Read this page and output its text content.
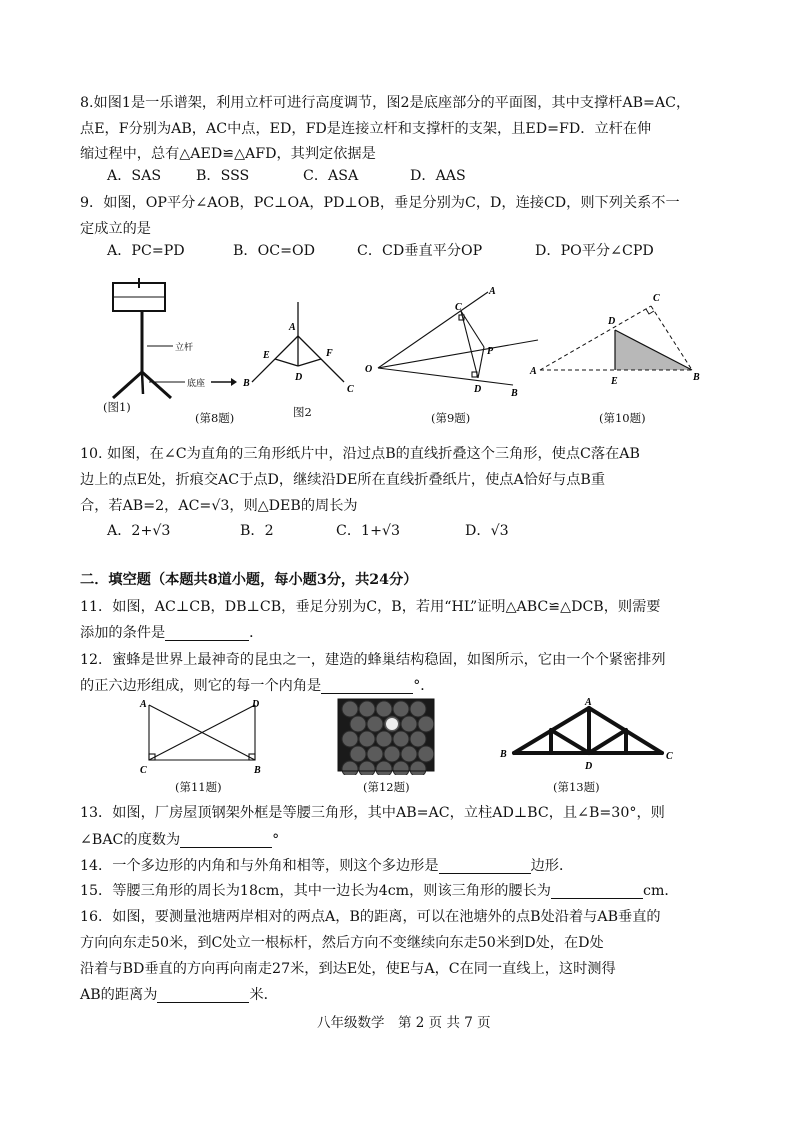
8.如图1是一乐谱架，利用立杆可进行高度调节，图2是底座部分的平面图，其中支撑杆AB=AC，
点E，F分别为AB，AC中点，ED，FD是连接立杆和支撑杆的支架，且ED=FD．立杆在伸
缩过程中，总有△AED≌△AFD，其判定依据是
A．SAS B．SSS	C．ASA	D．AAS
9．如图，OP平分∠AOB，PC⊥OA，PD⊥OB，垂足分别为C，D，连接CD，则下列关系不一
定成立的是
A．PC=PD	B．OC=OD	C．CD垂直平分OP	D．PO平分∠CPD
立杆
底座
A
E	F
B
D
C
O
A
C
P
D	B
A
D
C
E	B
(图1)
(第8题)	图2	(第9题)	(第10题)
10. 如图，在∠C为直角的三角形纸片中，沿过点B的直线折叠这个三角形，使点C落在AB
边上的点E处，折痕交AC于点D，继续沿DE所在直线折叠纸片，使点A恰好与点B重
合，若AB=2，AC=√3，则△DEB的周长为
A．2+√3	B．2	C．1+√3	D．√3
二．填空题（本题共8道小题，每小题3分，共24分）
11．如图，AC⊥CB，DB⊥CB，垂足分别为C，B，若用“HL”证明△ABC≌△DCB，则需要
添加的条件是	．
12．蜜蜂是世界上最神奇的昆虫之一，建造的蜂巢结构稳固，如图所示，它由一个个紧密排列
的正六边形组成，则它的每一个内角是	°．
A	D
C	B
A
B	C
D
(第11题)	(第12题)	(第13题)
13．如图，厂房屋顶钢架外框是等腰三角形，其中AB=AC，立柱AD⊥BC，且∠B=30°，则
∠BAC的度数为	°
14．一个多边形的内角和与外角和相等，则这个多边形是	边形．
15．等腰三角形的周长为18cm，其中一边长为4cm，则该三角形的腰长为	cm．
16．如图，要测量池塘两岸相对的两点A，B的距离，可以在池塘外的点B处沿着与AB垂直的
方向向东走50米，到C处立一根标杆，然后方向不变继续向东走50米到D处，在D处
沿着与BD垂直的方向再向南走27米，到达E处，使E与A，C在同一直线上，这时测得
AB的距离为	米．
八年级数学　第 2 页 共 7 页
